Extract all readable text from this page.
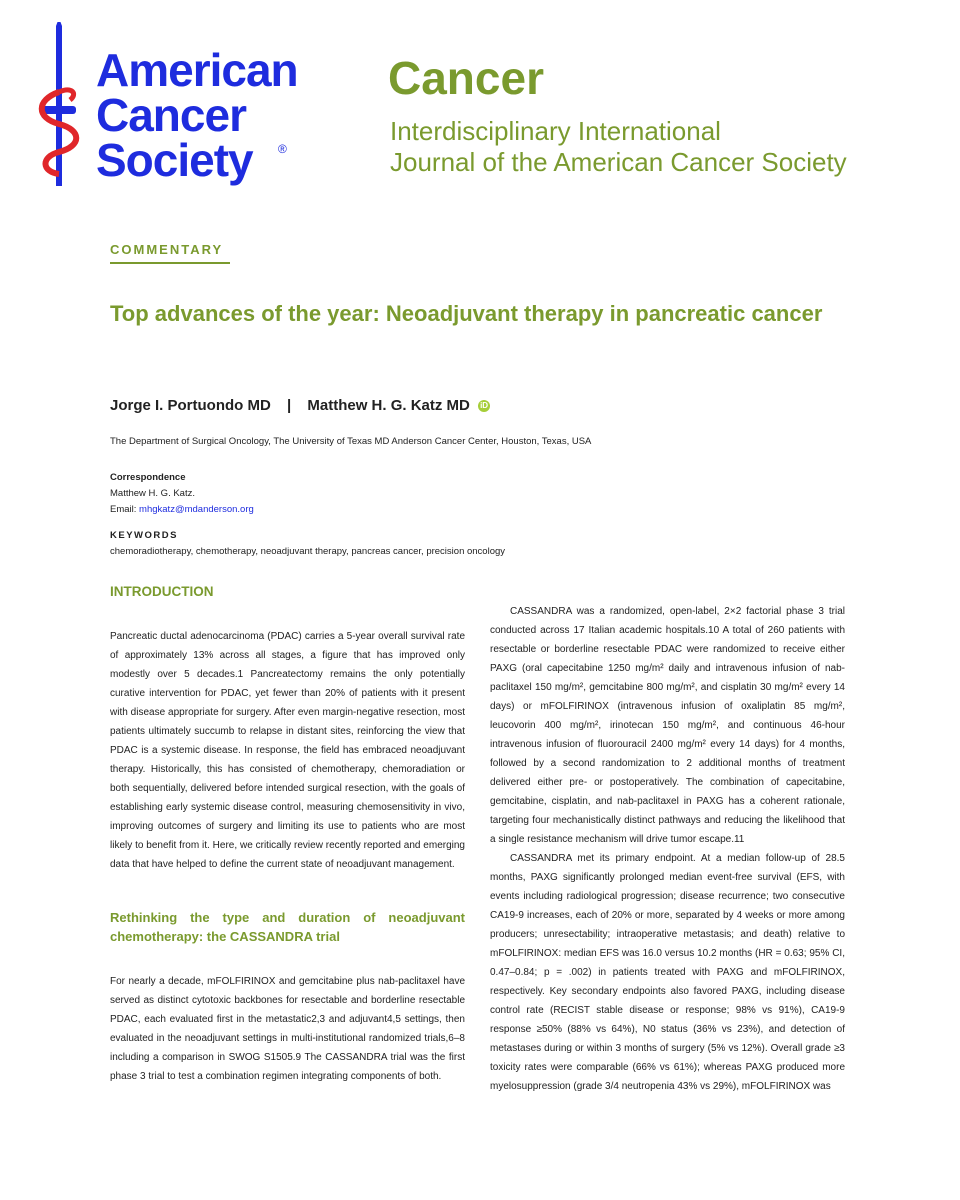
American
Cancer
Society	®
Cancer
Interdisciplinary International
Journal of the American Cancer Society
COMMENTARY
Top advances of the year: Neoadjuvant therapy in pancreatic cancer
Jorge I. Portuondo MD | Matthew H. G. Katz MD iD
The Department of Surgical Oncology, The University of Texas MD Anderson Cancer Center, Houston, Texas, USA
Correspondence
Matthew H. G. Katz.
Email: mhgkatz@mdanderson.org
KEYWORDS
chemoradiotherapy, chemotherapy, neoadjuvant therapy, pancreas cancer, precision oncology
INTRODUCTION

Pancreatic ductal adenocarcinoma (PDAC) carries a 5-year overall survival rate of approximately 13% across all stages, a figure that has improved only modestly over 5 decades.1 Pancreatectomy remains the only potentially curative intervention for PDAC, yet fewer than 20% of patients with it present with disease appropriate for surgery. After even margin-negative resection, most patients ultimately succumb to relapse in distant sites, reinforcing the view that PDAC is a systemic disease. In response, the field has embraced neoadjuvant therapy. Historically, this has consisted of chemotherapy, chemoradiation or both sequentially, delivered before intended surgical resection, with the goals of establishing early systemic disease control, measuring chemosensitivity in vivo, improving outcomes of surgery and limiting its use to patients who are most likely to benefit from it. Here, we critically review recently reported and emerging data that have helped to define the current state of neoadjuvant management.

Rethinking the type and duration of neoadjuvant chemotherapy: the CASSANDRA trial

For nearly a decade, mFOLFIRINOX and gemcitabine plus nab-paclitaxel have served as distinct cytotoxic backbones for resectable and borderline resectable PDAC, each evaluated first in the metastatic2,3 and adjuvant4,5 settings, then evaluated in the neoadjuvant settings in multi-institutional randomized trials,6–8 including a comparison in SWOG S1505.9 The CASSANDRA trial was the first phase 3 trial to test a combination regimen integrating components of both.

CASSANDRA was a randomized, open-label, 2×2 factorial phase 3 trial conducted across 17 Italian academic hospitals.10 A total of 260 patients with resectable or borderline resectable PDAC were randomized to receive either PAXG (oral capecitabine 1250 mg/m² daily and intravenous infusion of nab-paclitaxel 150 mg/m², gemcitabine 800 mg/m², and cisplatin 30 mg/m² every 14 days) or mFOLFIRINOX (intravenous infusion of oxaliplatin 85 mg/m², leucovorin 400 mg/m², irinotecan 150 mg/m², and continuous 46-hour intravenous infusion of fluorouracil 2400 mg/m² every 14 days) for 4 months, followed by a second randomization to 2 additional months of treatment delivered either pre- or postoperatively. The combination of capecitabine, gemcitabine, cisplatin, and nab-paclitaxel in PAXG has a coherent rationale, targeting four mechanistically distinct pathways and reducing the likelihood that a single resistance mechanism will drive tumor escape.11

CASSANDRA met its primary endpoint. At a median follow-up of 28.5 months, PAXG significantly prolonged median event-free survival (EFS, with events including radiological progression; disease recurrence; two consecutive CA19-9 increases, each of 20% or more, separated by 4 weeks or more among producers; unresectability; intraoperative metastasis; and death) relative to mFOLFIRINOX: median EFS was 16.0 versus 10.2 months (HR = 0.63; 95% CI, 0.47–0.84; p = .002) in patients treated with PAXG and mFOLFIRINOX, respectively. Key secondary endpoints also favored PAXG, including disease control rate (RECIST stable disease or response; 98% vs 91%), CA19-9 response ≥50% (88% vs 64%), N0 status (36% vs 23%), and detection of metastases during or within 3 months of surgery (5% vs 12%). Overall grade ≥3 toxicity rates were comparable (66% vs 61%); whereas PAXG produced more myelosuppression (grade 3/4 neutropenia 43% vs 29%), mFOLFIRINOX was
